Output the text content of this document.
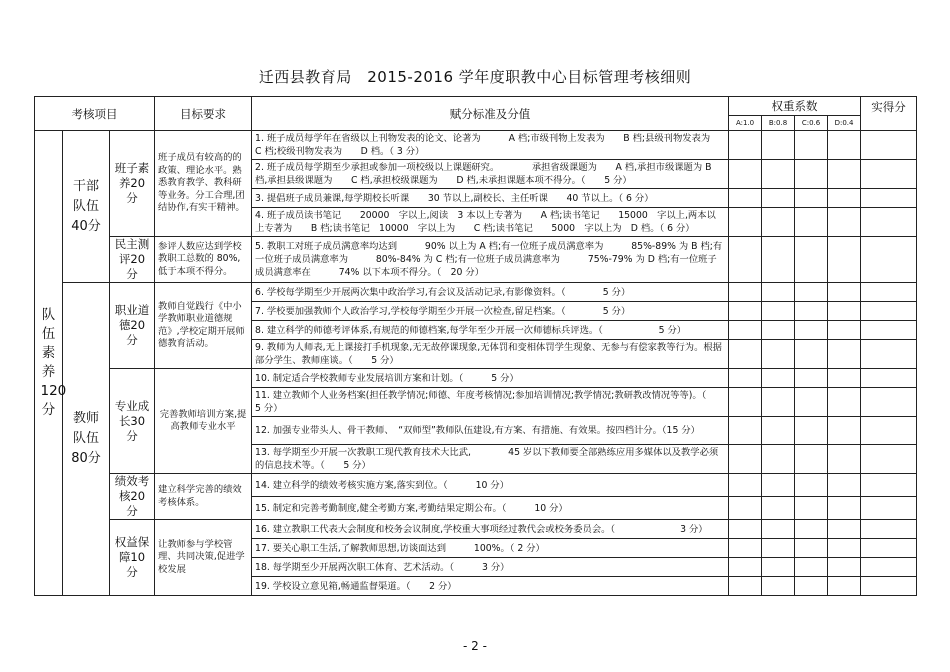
迁西县教育局　2015-2016 学年度职教中心目标管理考核细则
考核项目			目标要求	赋分标准及分值	权重系数				实得分
					A:1.0	B:0.8	C:0.6	D:0.4	
队伍素养120分	干部队伍40分	班子素养20分	班子成员有较高的的政策、理论水平。熟悉教育教学、教科研等业务。分工合理,团结协作,有实干精神。	1. 班子成员每学年在省级以上刊物发表的论文、论著为　　　A 档;市级刊物上发表为　　B 档;县级刊物发表为　C 档;校级刊物发表为　　D 档。（ 3 分）					
				2. 班子成员每学期至少承担或参加一项校级以上课题研究。　　　　承担省级课题为　　A 档,承担市级课题为 B 档,承担县级课题为　　C 档,承担校级课题为　　D 档,未承担课题本项不得分。（　　5 分）					
				3. 提倡班子成员兼课,每学期校长听课　　30 节以上,副校长、主任听课　　40 节以上。（ 6 分）					
				4. 班子成员读书笔记　　20000　字以上,阅读　3 本以上专著为　　A 档;读书笔记　　15000　字以上,两本以上专著为　　B 档;读书笔记　10000　字以上为　　C 档;读书笔记　　5000　字以上为　D 档。（ 6 分）					
		民主测评20分	参评人数应达到学校教职工总数的 80%,低于本项不得分。	5. 教职工对班子成员满意率均达到　　　90% 以上为 A 档;有一位班子成员满意率为　　　85%-89% 为 B 档;有一位班子成员满意率为　　　80%-84% 为 C 档;有一位班子成员满意率为　　　75%-79% 为 D 档;有一位班子成员满意率在　　　74% 以下本项不得分。（　20 分）					
	教师队伍80分	职业道德20分	教师自觉践行《中小学教师职业道德规范》,学校定期开展师德教育活动。	6. 学校每学期至少开展两次集中政治学习,有会议及活动记录,有影像资料。（　　　　5 分）					
				7. 学校要加强教师个人政治学习,学校每学期至少开展一次检查,留足档案。（　　　　5 分）					
				8. 建立科学的师德考评体系,有规范的师德档案,每学年至少开展一次师德标兵评选。（　　　　　　5 分）					
				9. 教师为人师表,无上课接打手机现象,无无故停课现象,无体罚和变相体罚学生现象、无参与有偿家教等行为。根据部分学生、教师座谈。（　　5 分）					
		专业成长30分	完善教师培训方案,提高教师专业水平	10. 制定适合学校教师专业发展培训方案和计划。（　　　5 分）					
				11. 建立教师个人业务档案(担任教学情况;师德、年度考核情况;参加培训情况;教学情况;教研教改情况等等)。（　　5 分）					
				12. 加强专业带头人、骨干教师、　“双师型”教师队伍建设,有方案、有措施、有效果。按四档计分。（15 分）					
				13. 每学期至少开展一次教职工现代教育技术大比武,　　　　45 岁以下教师要全部熟练应用多媒体以及教学必须的信息技术等。（　　5 分）					
		绩效考核20分	建立科学完善的绩效考核体系。	14. 建立科学的绩效考核实施方案,落实到位。（　　　10 分）					
				15. 制定和完善考勤制度,健全考勤方案,考勤结果定期公布。（　　　10 分）					
		权益保障10分	让教师参与学校管理、共同决策,促进学校发展	16. 建立教职工代表大会制度和校务会议制度,学校重大事项经过教代会或校务委员会。（　　　　　　　3 分）					
				17. 要关心职工生活,了解教师思想,访谈面达到　　　100%。（ 2 分）					
				18. 每学期至少开展两次职工体育、艺术活动。（　　　3 分）					
				19. 学校设立意见箱,畅通监督渠道。（　　2 分）					
- 2 -
